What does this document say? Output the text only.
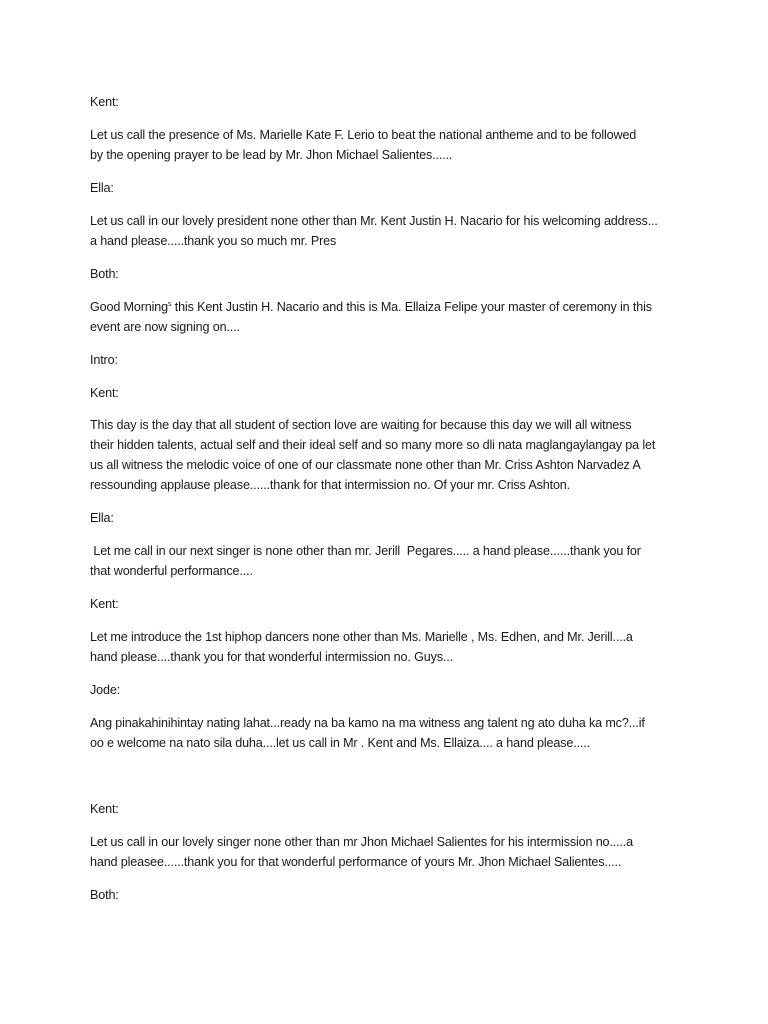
Kent:

Let us call the presence of Ms. Marielle Kate F. Lerio to beat the national antheme and to be followed

by the opening prayer to be lead by Mr. Jhon Michael Salientes......

Ella:

Let us call in our lovely president none other than Mr. Kent Justin H. Nacario for his welcoming address...

a hand please.....thank you so much mr. Pres

Both:

Good Morning$^s$ this Kent Justin H. Nacario and this is Ma. Ellaiza Felipe your master of ceremony in this

event are now signing on....

Intro:

Kent:

This day is the day that all student of section love are waiting for because this day we will all witness

their hidden talents, actual self and their ideal self and so many more so dli nata maglangaylangay pa let

us all witness the melodic voice of one of our classmate none other than Mr. Criss Ashton Narvadez A

ressounding applause please......thank for that intermission no. Of your mr. Criss Ashton.

Ella:

Let me call in our next singer is none other than mr. Jerill  Pegares..... a hand please......thank you for

that wonderful performance....

Kent:

Let me introduce the 1st hiphop dancers none other than Ms. Marielle , Ms. Edhen, and Mr. Jerill....a

hand please....thank you for that wonderful intermission no. Guys...

Jode:

Ang pinakahinihintay nating lahat...ready na ba kamo na ma witness ang talent ng ato duha ka mc?...if

oo e welcome na nato sila duha....let us call in Mr . Kent and Ms. Ellaiza.... a hand please.....

Kent:

Let us call in our lovely singer none other than mr Jhon Michael Salientes for his intermission no.....a

hand pleasee......thank you for that wonderful performance of yours Mr. Jhon Michael Salientes.....

Both:
